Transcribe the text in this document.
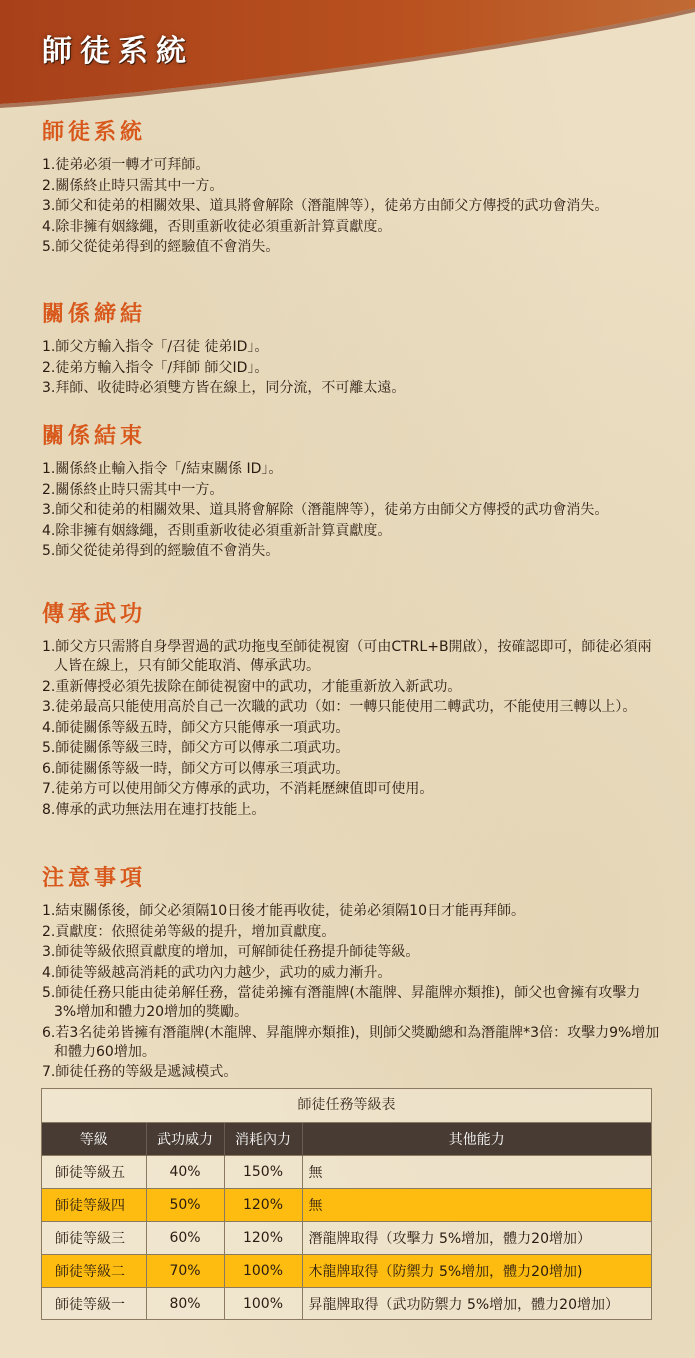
師徒系統
師徒系統
1.徒弟必須一轉才可拜師。
2.關係終止時只需其中一方。
3.師父和徒弟的相關效果、道具將會解除（潛龍牌等），徒弟方由師父方傳授的武功會消失。
4.除非擁有姻緣繩，否則重新收徒必須重新計算貢獻度。
5.師父從徒弟得到的經驗值不會消失。
關係締結
1.師父方輸入指令「/召徒 徒弟ID」。
2.徒弟方輸入指令「/拜師 師父ID」。
3.拜師、收徒時必須雙方皆在線上，同分流，不可離太遠。
關係結束
1.關係終止輸入指令「/結束關係 ID」。
2.關係終止時只需其中一方。
3.師父和徒弟的相關效果、道具將會解除（潛龍牌等），徒弟方由師父方傳授的武功會消失。
4.除非擁有姻緣繩，否則重新收徒必須重新計算貢獻度。
5.師父從徒弟得到的經驗值不會消失。
傳承武功
1.師父方只需將自身學習過的武功拖曳至師徒視窗（可由CTRL+B開啟），按確認即可，師徒必須兩人皆在線上，只有師父能取消、傳承武功。
2.重新傳授必須先拔除在師徒視窗中的武功，才能重新放入新武功。
3.徒弟最高只能使用高於自己一次職的武功（如：一轉只能使用二轉武功，不能使用三轉以上）。
4.師徒關係等級五時，師父方只能傳承一項武功。
5.師徒關係等級三時，師父方可以傳承二項武功。
6.師徒關係等級一時，師父方可以傳承三項武功。
7.徒弟方可以使用師父方傳承的武功，不消耗歷練值即可使用。
8.傳承的武功無法用在連打技能上。
注意事項
1.結束關係後，師父必須隔10日後才能再收徒，徒弟必須隔10日才能再拜師。
2.貢獻度：依照徒弟等級的提升，增加貢獻度。
3.師徒等級依照貢獻度的增加，可解師徒任務提升師徒等級。
4.師徒等級越高消耗的武功內力越少，武功的威力漸升。
5.師徒任務只能由徒弟解任務，當徒弟擁有潛龍牌(木龍牌、昇龍牌亦類推)，師父也會擁有攻擊力3%增加和體力20增加的獎勵。
6.若3名徒弟皆擁有潛龍牌(木龍牌、昇龍牌亦類推)，則師父獎勵總和為潛龍牌*3倍：攻擊力9%增加和體力60增加。
7.師徒任務的等級是遞減模式。
師徒任務等級表
等級	武功威力	消耗內力	其他能力
師徒等級五	40%	150%	無
師徒等級四	50%	120%	無
師徒等級三	60%	120%	潛龍牌取得（攻擊力 5%增加，體力20增加）
師徒等級二	70%	100%	木龍牌取得（防禦力 5%增加，體力20增加)
師徒等級一	80%	100%	昇龍牌取得（武功防禦力 5%增加，體力20增加）
